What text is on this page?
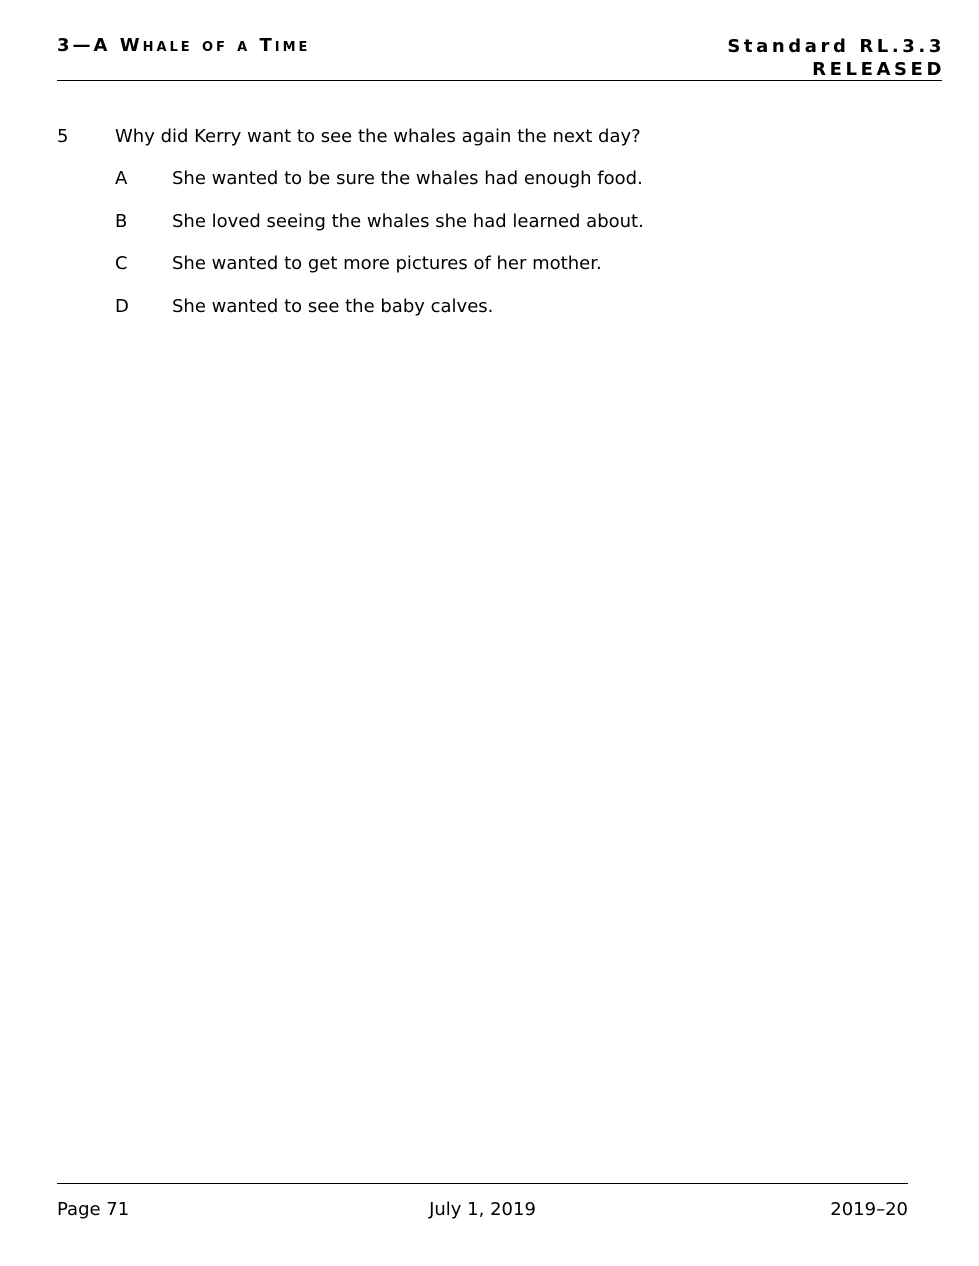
3—A Whale of a Time	Standard RL.3.3
RELEASED
5	Why did Kerry want to see the whales again the next day?
A She wanted to be sure the whales had enough food.
B She loved seeing the whales she had learned about.
C She wanted to get more pictures of her mother.
D She wanted to see the baby calves.
Page 71	July 1, 2019	2019–20
